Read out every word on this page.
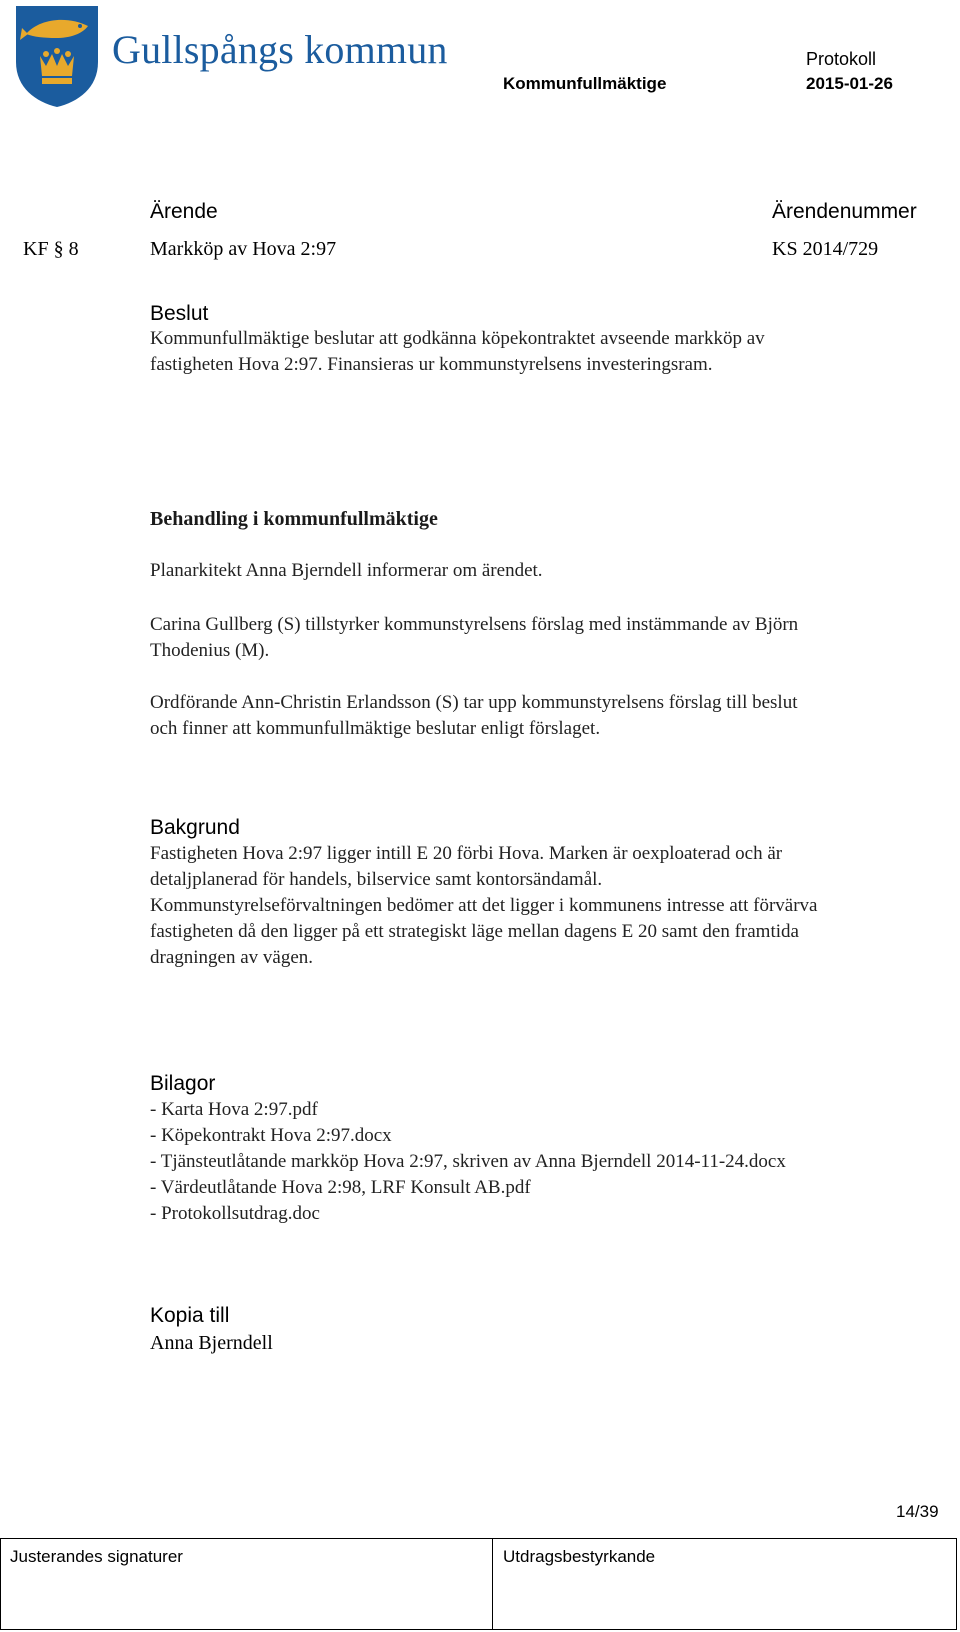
Gullspångs kommun	Protokoll
Kommunfullmäktige	2015-01-26
Ärende	Ärendenummer
KF § 8	Markköp av Hova 2:97	KS 2014/729
Beslut
Kommunfullmäktige beslutar att godkänna köpekontraktet avseende markköp av
fastigheten Hova 2:97. Finansieras ur kommunstyrelsens investeringsram.
Behandling i kommunfullmäktige
Planarkitekt Anna Bjerndell informerar om ärendet.
Carina Gullberg (S) tillstyrker kommunstyrelsens förslag med instämmande av Björn
Thodenius (M).
Ordförande Ann-Christin Erlandsson (S) tar upp kommunstyrelsens förslag till beslut
och finner att kommunfullmäktige beslutar enligt förslaget.
Bakgrund
Fastigheten Hova 2:97 ligger intill E 20 förbi Hova. Marken är oexploaterad och är
detaljplanerad för handels, bilservice samt kontorsändamål.
Kommunstyrelseförvaltningen bedömer att det ligger i kommunens intresse att förvärva
fastigheten då den ligger på ett strategiskt läge mellan dagens E 20 samt den framtida
dragningen av vägen.
Bilagor
- Karta Hova 2:97.pdf
- Köpekontrakt Hova 2:97.docx
- Tjänsteutlåtande markköp Hova 2:97, skriven av Anna Bjerndell 2014-11-24.docx
- Värdeutlåtande Hova 2:98, LRF Konsult AB.pdf
- Protokollsutdrag.doc
Kopia till
Anna Bjerndell
14/39
Justerandes signaturer	Utdragsbestyrkande
